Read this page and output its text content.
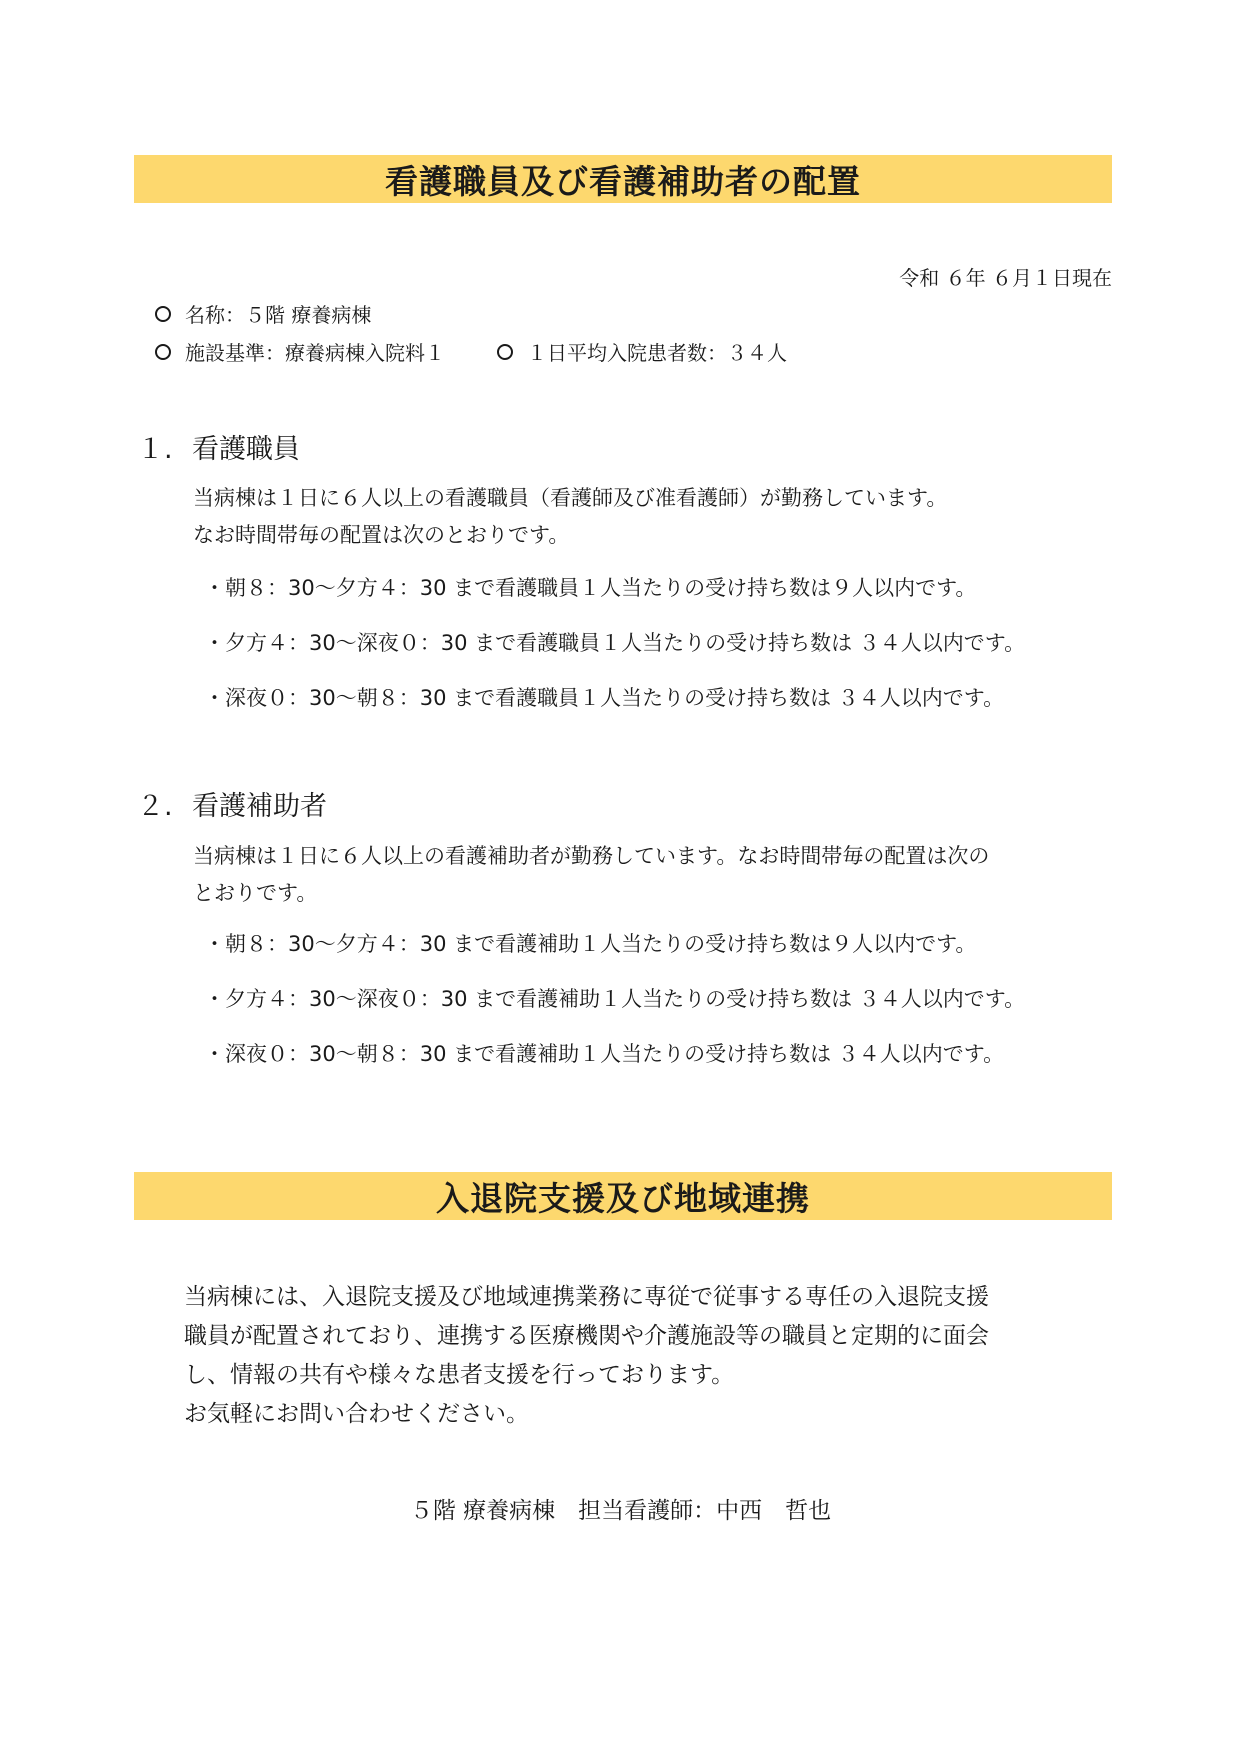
看護職員及び看護補助者の配置
令和 ６年 ６月１日現在
名称：５階 療養病棟
施設基準：療養病棟入院料１	１日平均入院患者数：３４人
１. 看護職員
当病棟は１日に６人以上の看護職員（看護師及び准看護師）が勤務しています。
なお時間帯毎の配置は次のとおりです。
・朝８：30～夕方４：30 まで看護職員１人当たりの受け持ち数は９人以内です。
・夕方４：30～深夜０：30 まで看護職員１人当たりの受け持ち数は ３４人以内です。
・深夜０：30～朝８：30 まで看護職員１人当たりの受け持ち数は ３４人以内です。
２. 看護補助者
当病棟は１日に６人以上の看護補助者が勤務しています。なお時間帯毎の配置は次の
とおりです。
・朝８：30～夕方４：30 まで看護補助１人当たりの受け持ち数は９人以内です。
・夕方４：30～深夜０：30 まで看護補助１人当たりの受け持ち数は ３４人以内です。
・深夜０：30～朝８：30 まで看護補助１人当たりの受け持ち数は ３４人以内です。
入退院支援及び地域連携

当病棟には、入退院支援及び地域連携業務に専従で従事する専任の入退院支援

職員が配置されており、連携する医療機関や介護施設等の職員と定期的に面会

し、情報の共有や様々な患者支援を行っております。

お気軽にお問い合わせください。

５階 療養病棟　担当看護師：中西　哲也
